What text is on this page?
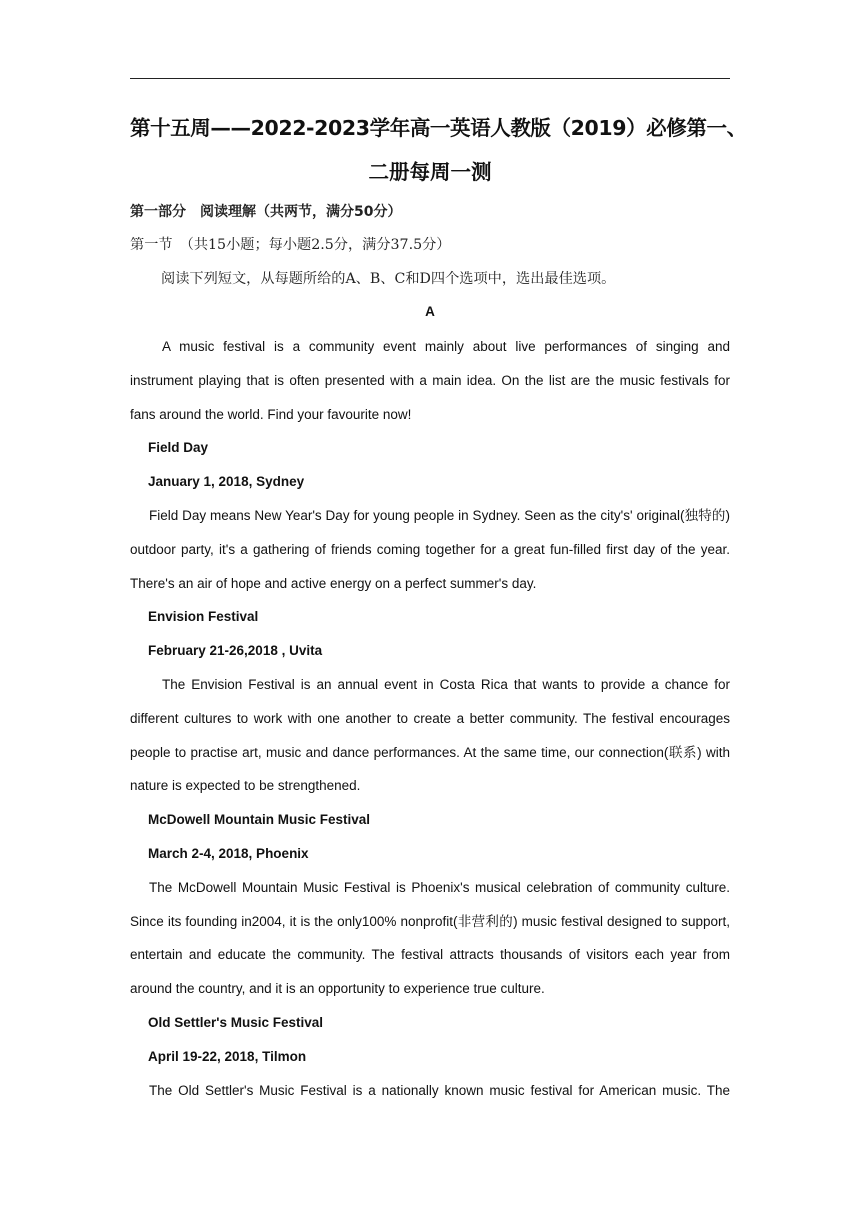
第十五周——2022-2023学年高一英语人教版（2019）必修第一、
二册每周一测
第一部分　阅读理解（共两节，满分50分）
第一节　（共15小题；每小题2.5分，满分37.5分）
阅读下列短文，从每题所给的A、B、C和D四个选项中，选出最佳选项。
A

A music festival is a community event mainly about live performances of singing and instrument playing that is often presented with a main idea. On the list are the music festivals for fans around the world. Find your favourite now!

Field Day

January 1, 2018, Sydney

Field Day means New Year's Day for young people in Sydney. Seen as the city's' original(独特的) outdoor party, it's a gathering of friends coming together for a great fun-filled first day of the year. There's an air of hope and active energy on a perfect summer's day.

Envision Festival

February 21-26,2018 , Uvita

The Envision Festival is an annual event in Costa Rica that wants to provide a chance for different cultures to work with one another to create a better community. The festival encourages people to practise art, music and dance performances. At the same time, our connection(联系) with nature is expected to be strengthened.

McDowell Mountain Music Festival

March 2-4, 2018, Phoenix

The McDowell Mountain Music Festival is Phoenix's musical celebration of community culture. Since its founding in2004, it is the only100% nonprofit(非营利的) music festival designed to support, entertain and educate the community. The festival attracts thousands of visitors each year from around the country, and it is an opportunity to experience true culture.

Old Settler's Music Festival

April 19-22, 2018, Tilmon

The Old Settler's Music Festival is a nationally known music festival for American music. The
